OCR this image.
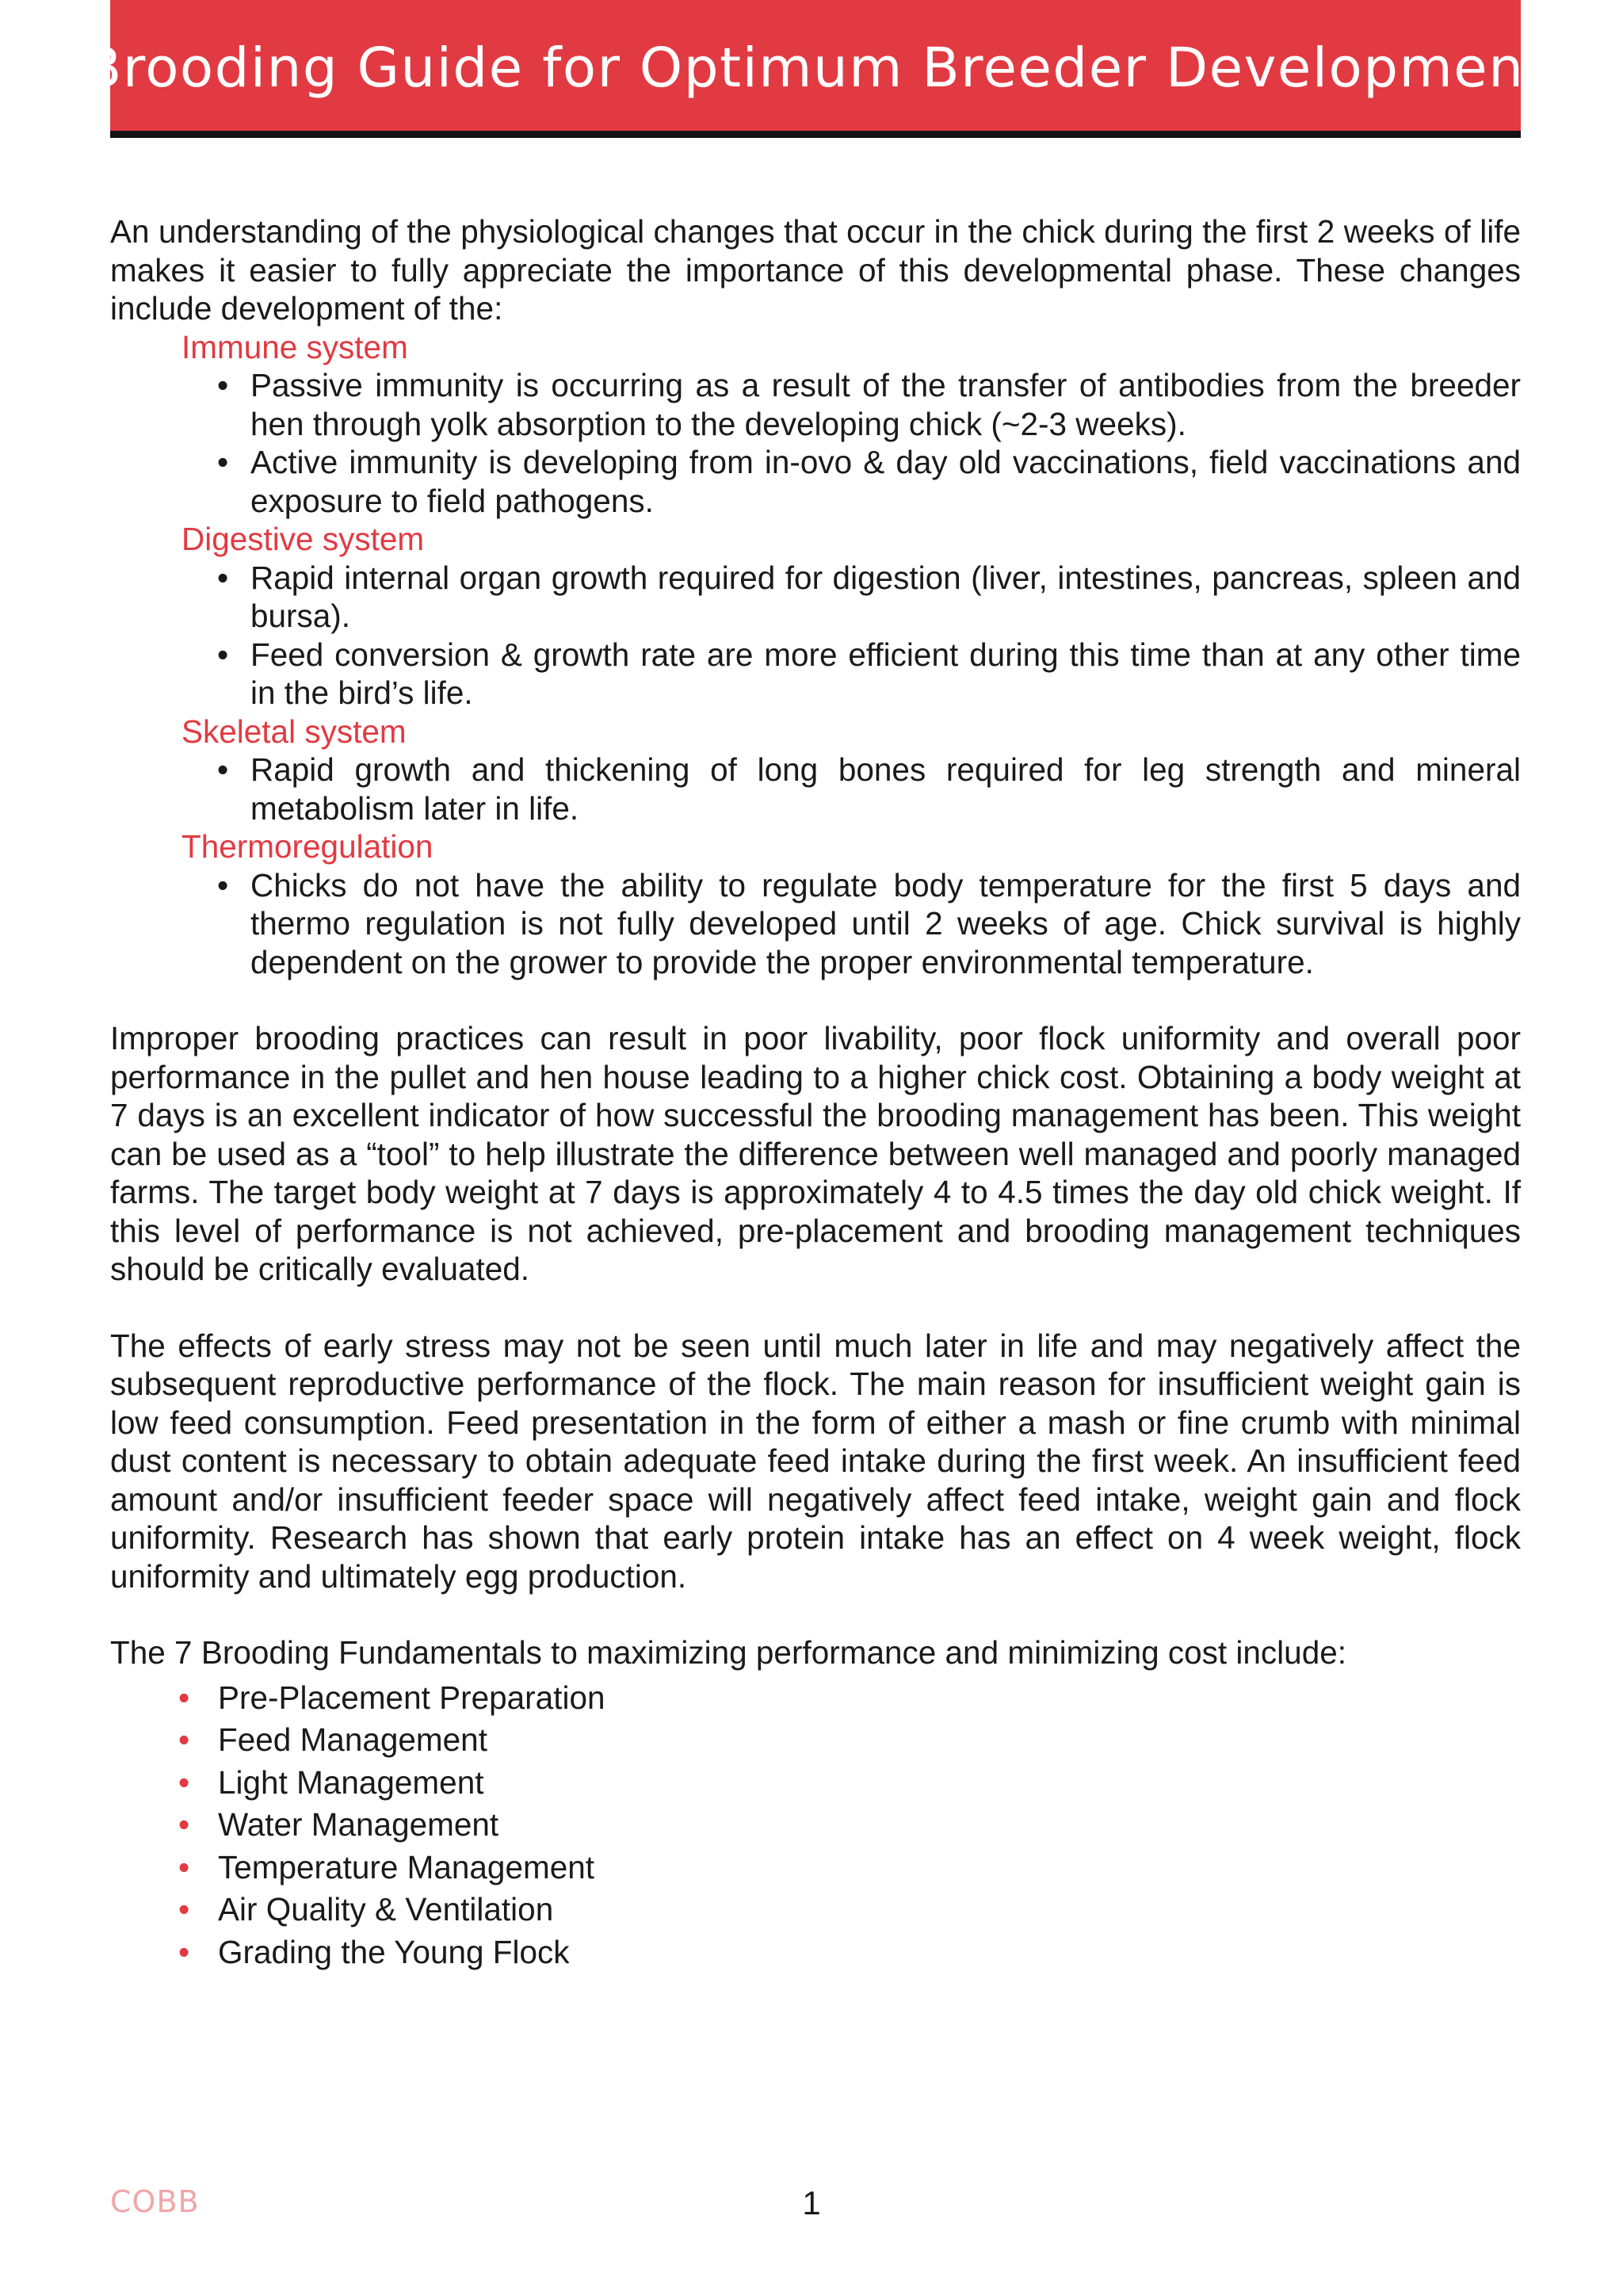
Brooding Guide for Optimum Breeder Development

An understanding of the physiological changes that occur in the chick during the first 2 weeks of life makes it easier to fully appreciate the importance of this developmental phase. These changes include development of the:

Immune system
• Passive immunity is occurring as a result of the transfer of antibodies from the breeder hen through yolk absorption to the developing chick (~2-3 weeks).
• Active immunity is developing from in-ovo & day old vaccinations, field vaccinations and exposure to field pathogens.
Digestive system
• Rapid internal organ growth required for digestion (liver, intestines, pancreas, spleen and bursa).
• Feed conversion & growth rate are more efficient during this time than at any other time in the bird’s life.
Skeletal system
• Rapid growth and thickening of long bones required for leg strength and mineral metabolism later in life.
Thermoregulation
• Chicks do not have the ability to regulate body temperature for the first 5 days and thermo regulation is not fully developed until 2 weeks of age. Chick survival is highly dependent on the grower to provide the proper environmental temperature.

Improper brooding practices can result in poor livability, poor flock uniformity and overall poor performance in the pullet and hen house leading to a higher chick cost. Obtaining a body weight at 7 days is an excellent indicator of how successful the brooding management has been. This weight can be used as a “tool” to help illustrate the difference between well managed and poorly managed farms. The target body weight at 7 days is approximately 4 to 4.5 times the day old chick weight. If this level of performance is not achieved, pre-placement and brooding management techniques should be critically evaluated.

The effects of early stress may not be seen until much later in life and may negatively affect the subsequent reproductive performance of the flock. The main reason for insufficient weight gain is low feed consumption. Feed presentation in the form of either a mash or fine crumb with minimal dust content is necessary to obtain adequate feed intake during the first week. An insufficient feed amount and/or insufficient feeder space will negatively affect feed intake, weight gain and flock uniformity. Research has shown that early protein intake has an effect on 4 week weight, flock uniformity and ultimately egg production.

The 7 Brooding Fundamentals to maximizing performance and minimizing cost include:

• Pre-Placement Preparation
• Feed Management
• Light Management
• Water Management
• Temperature Management
• Air Quality & Ventilation
• Grading the Young Flock
COBB	1
